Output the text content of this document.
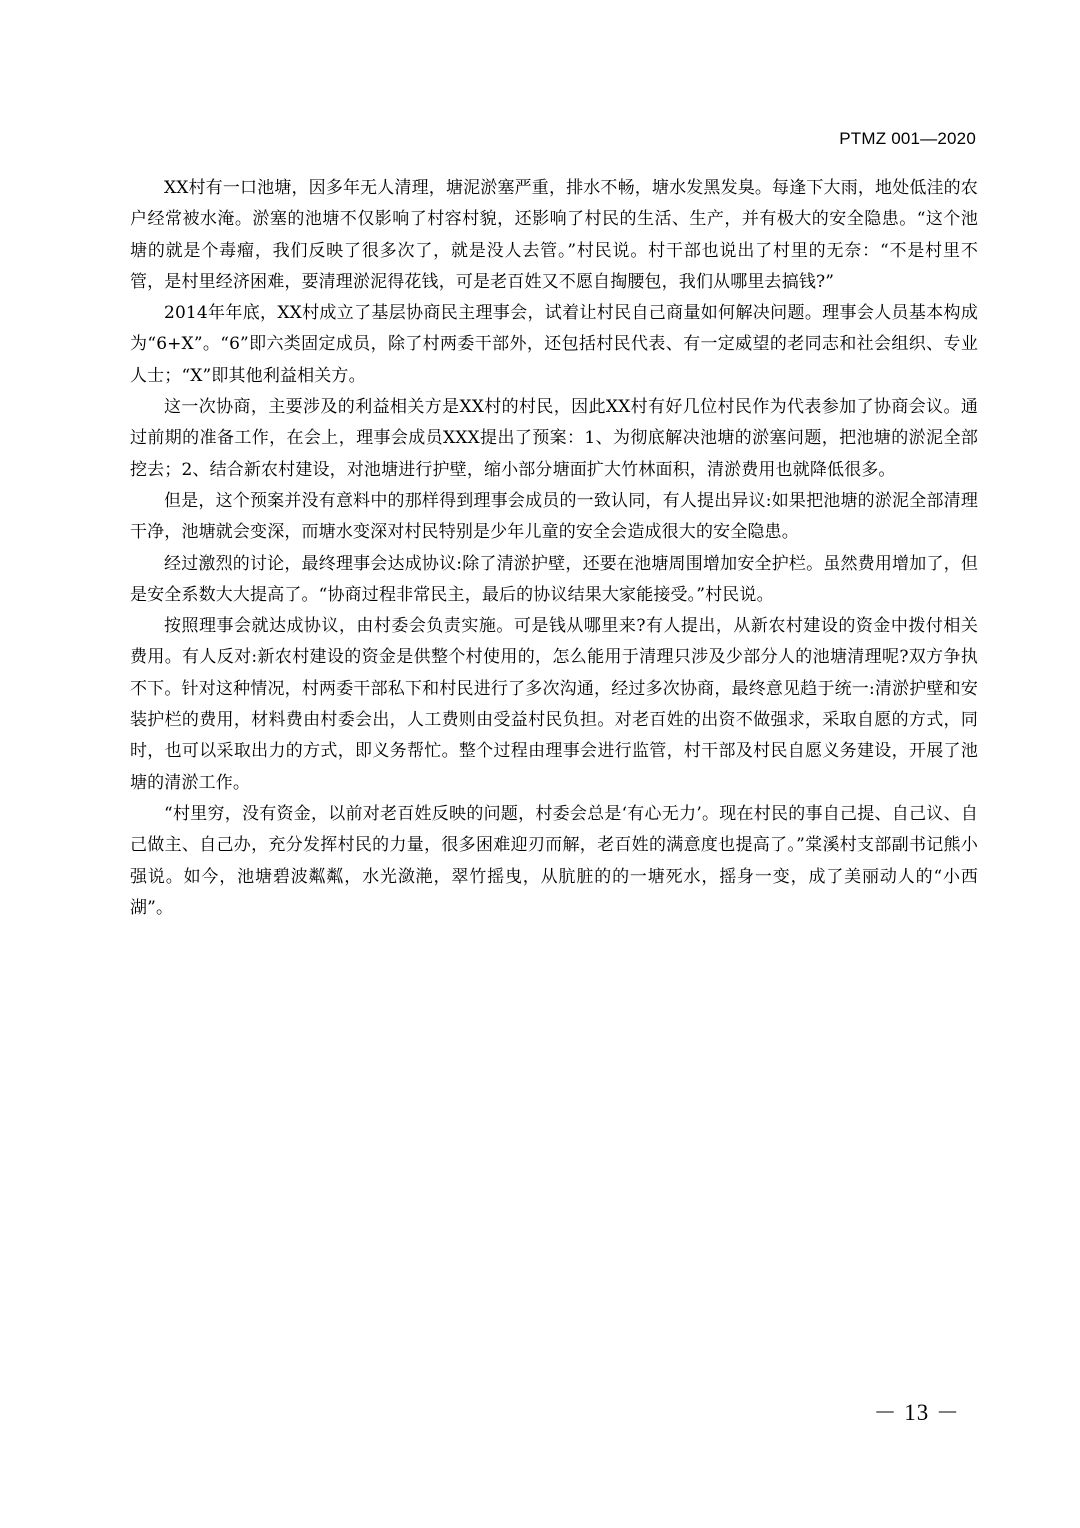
PTMZ 001—2020

XX村有一口池塘，因多年无人清理，塘泥淤塞严重，排水不畅，塘水发黑发臭。每逢下大雨，地处低洼的农户经常被水淹。淤塞的池塘不仅影响了村容村貌，还影响了村民的生活、生产，并有极大的安全隐患。“这个池塘的就是个毒瘤，我们反映了很多次了，就是没人去管。”村民说。村干部也说出了村里的无奈：“不是村里不管，是村里经济困难，要清理淤泥得花钱，可是老百姓又不愿自掏腰包，我们从哪里去搞钱?”

2014年年底，XX村成立了基层协商民主理事会，试着让村民自己商量如何解决问题。理事会人员基本构成为“6+X”。“6”即六类固定成员，除了村两委干部外，还包括村民代表、有一定威望的老同志和社会组织、专业人士；“X”即其他利益相关方。

这一次协商，主要涉及的利益相关方是XX村的村民，因此XX村有好几位村民作为代表参加了协商会议。通过前期的准备工作，在会上，理事会成员XXX提出了预案：1、为彻底解决池塘的淤塞问题，把池塘的淤泥全部挖去；2、结合新农村建设，对池塘进行护壁，缩小部分塘面扩大竹林面积，清淤费用也就降低很多。

但是，这个预案并没有意料中的那样得到理事会成员的一致认同，有人提出异议:如果把池塘的淤泥全部清理干净，池塘就会变深，而塘水变深对村民特别是少年儿童的安全会造成很大的安全隐患。

经过激烈的讨论，最终理事会达成协议:除了清淤护壁，还要在池塘周围增加安全护栏。虽然费用增加了，但是安全系数大大提高了。“协商过程非常民主，最后的协议结果大家能接受。”村民说。

按照理事会就达成协议，由村委会负责实施。可是钱从哪里来?有人提出，从新农村建设的资金中拨付相关费用。有人反对:新农村建设的资金是供整个村使用的，怎么能用于清理只涉及少部分人的池塘清理呢?双方争执不下。针对这种情况，村两委干部私下和村民进行了多次沟通，经过多次协商，最终意见趋于统一:清淤护壁和安装护栏的费用，材料费由村委会出，人工费则由受益村民负担。对老百姓的出资不做强求，采取自愿的方式，同时，也可以采取出力的方式，即义务帮忙。整个过程由理事会进行监管，村干部及村民自愿义务建设，开展了池塘的清淤工作。

“村里穷，没有资金，以前对老百姓反映的问题，村委会总是‘有心无力’。现在村民的事自己提、自己议、自己做主、自己办，充分发挥村民的力量，很多困难迎刃而解，老百姓的满意度也提高了。”棠溪村支部副书记熊小强说。如今，池塘碧波粼粼，水光潋滟，翠竹摇曳，从肮脏的的一塘死水，摇身一变，成了美丽动人的“小西湖”。

－ 13 －
